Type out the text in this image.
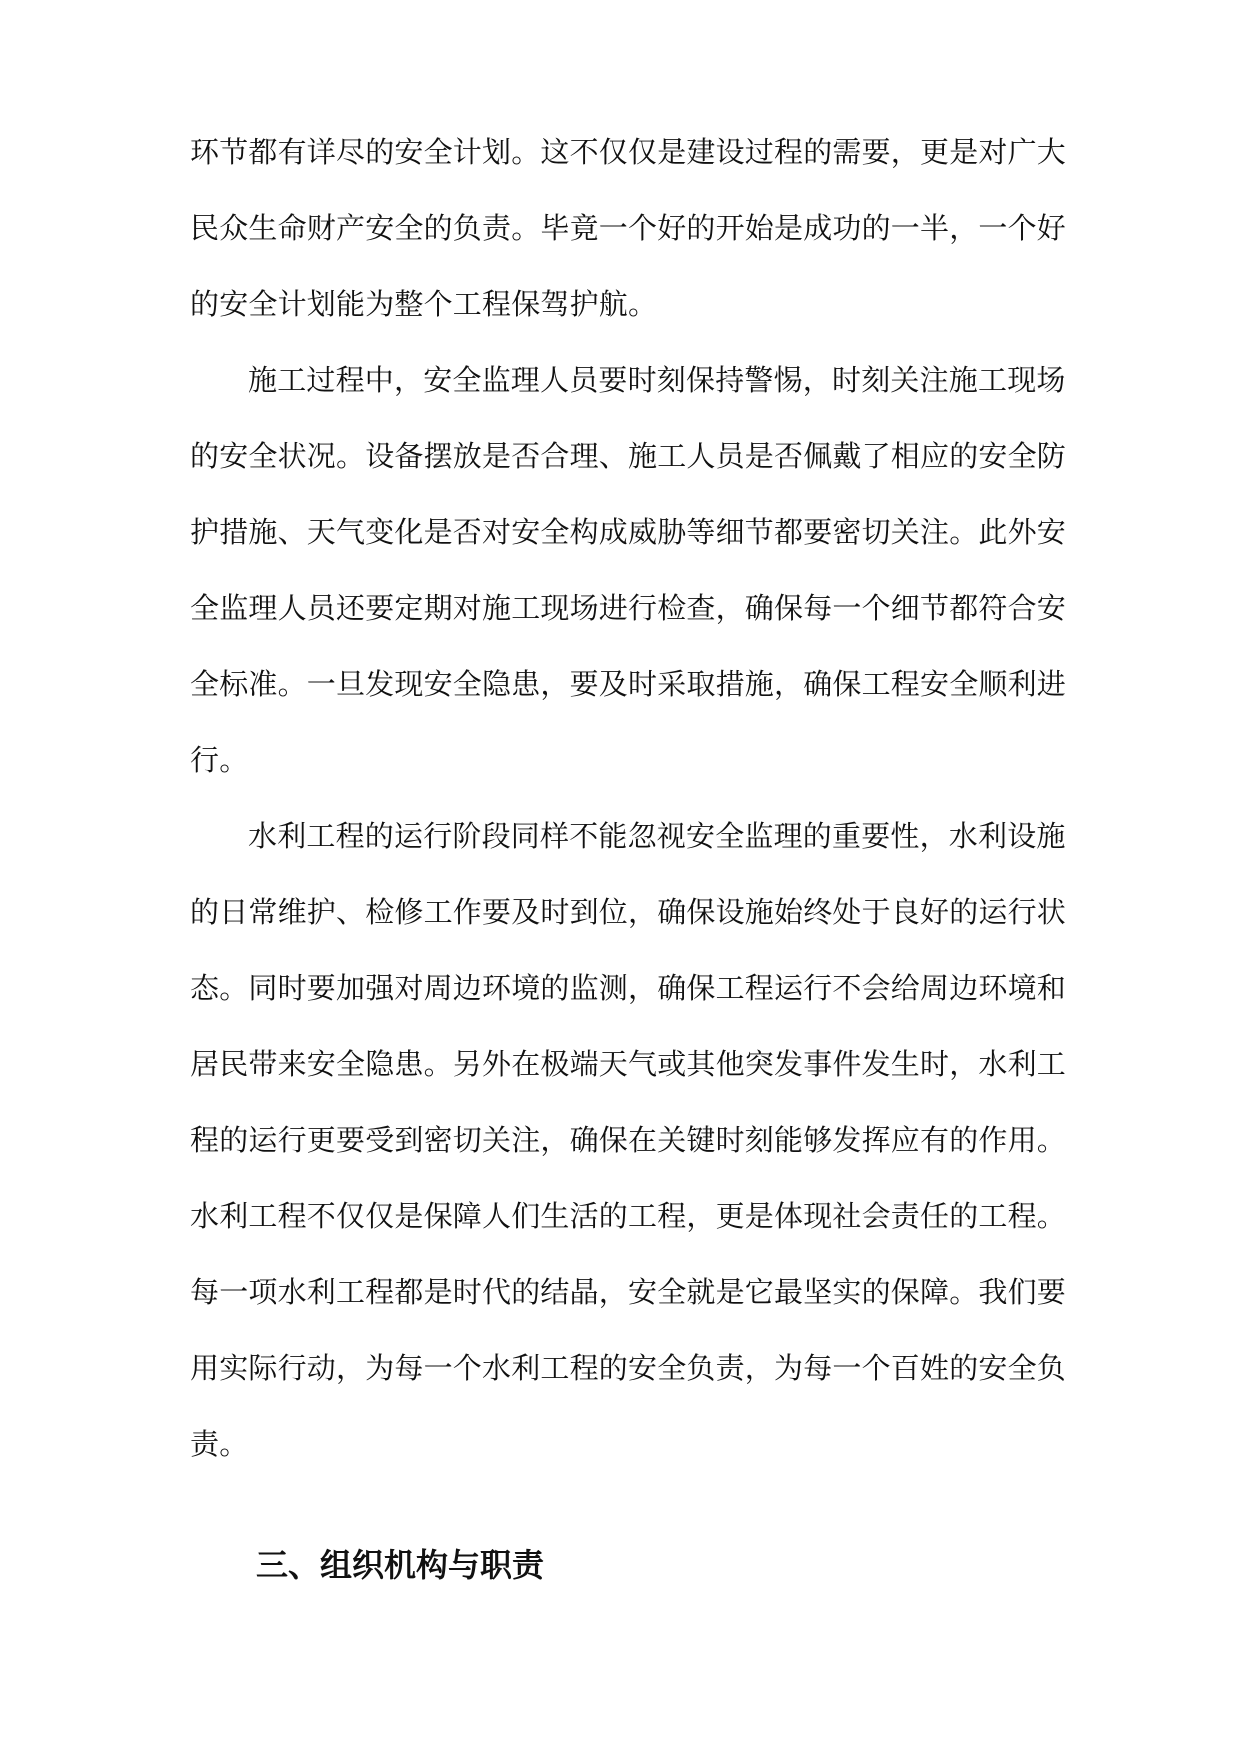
环节都有详尽的安全计划。这不仅仅是建设过程的需要，更是对广大
民众生命财产安全的负责。毕竟一个好的开始是成功的一半，一个好
的安全计划能为整个工程保驾护航。
施工过程中，安全监理人员要时刻保持警惕，时刻关注施工现场
的安全状况。设备摆放是否合理、施工人员是否佩戴了相应的安全防
护措施、天气变化是否对安全构成威胁等细节都要密切关注。此外安
全监理人员还要定期对施工现场进行检查，确保每一个细节都符合安
全标准。一旦发现安全隐患，要及时采取措施，确保工程安全顺利进
行。
水利工程的运行阶段同样不能忽视安全监理的重要性，水利设施
的日常维护、检修工作要及时到位，确保设施始终处于良好的运行状
态。同时要加强对周边环境的监测，确保工程运行不会给周边环境和
居民带来安全隐患。另外在极端天气或其他突发事件发生时，水利工
程的运行更要受到密切关注，确保在关键时刻能够发挥应有的作用。
水利工程不仅仅是保障人们生活的工程，更是体现社会责任的工程。
每一项水利工程都是时代的结晶，安全就是它最坚实的保障。我们要
用实际行动，为每一个水利工程的安全负责，为每一个百姓的安全负
责。
三、组织机构与职责
